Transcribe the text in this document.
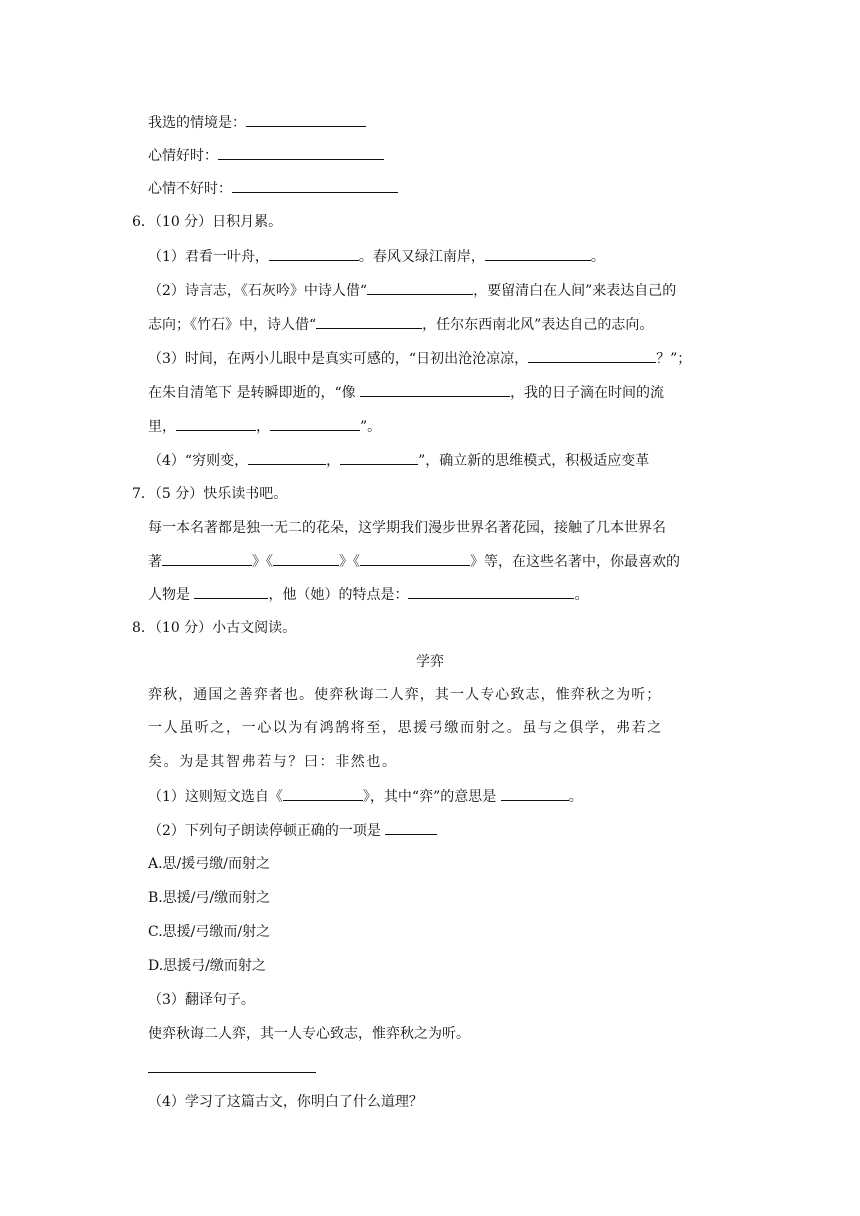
我选的情境是：
心情好时：
心情不好时：
6．（10 分）日积月累。
（1）君看一叶舟，	。春风又绿江南岸，	。
（2）诗言志，《石灰吟》中诗人借“	，要留清白在人间”来表达自己的
志向；《竹石》中，诗人借“	，任尔东西南北风”表达自己的志向。
（3）时间，在两小儿眼中是真实可感的，“日初出沧沧凉凉，	？”；
在朱自清笔下 是转瞬即逝的，“像	，我的日子滴在时间的流
里，	，	”。
（4）“穷则变，	，	”，确立新的思维模式，积极适应变革
7．（5 分）快乐读书吧。
每一本名著都是独一无二的花朵，这学期我们漫步世界名著花园，接触了几本世界名
著	》《	》《	》等，在这些名著中，你最喜欢的
人物是	，他（她）的特点是：	。
8．（10 分）小古文阅读。
学弈
弈秋，通国之善弈者也。使弈秋诲二人弈，其一人专心致志，惟弈秋之为听；
一人虽听之，一心以为有鸿鹄将至，思援弓缴而射之。虽与之俱学，弗若之
矣。为是其智弗若与？曰：非然也。
（1）这则短文选自《	》，其中“弈”的意思是	。
（2）下列句子朗读停顿正确的一项是
A.思/援弓缴/而射之
B.思援/弓/缴而射之
C.思援/弓缴而/射之
D.思援弓/缴而射之
（3）翻译句子。
使弈秋诲二人弈，其一人专心致志，惟弈秋之为听。
（4）学习了这篇古文，你明白了什么道理？
